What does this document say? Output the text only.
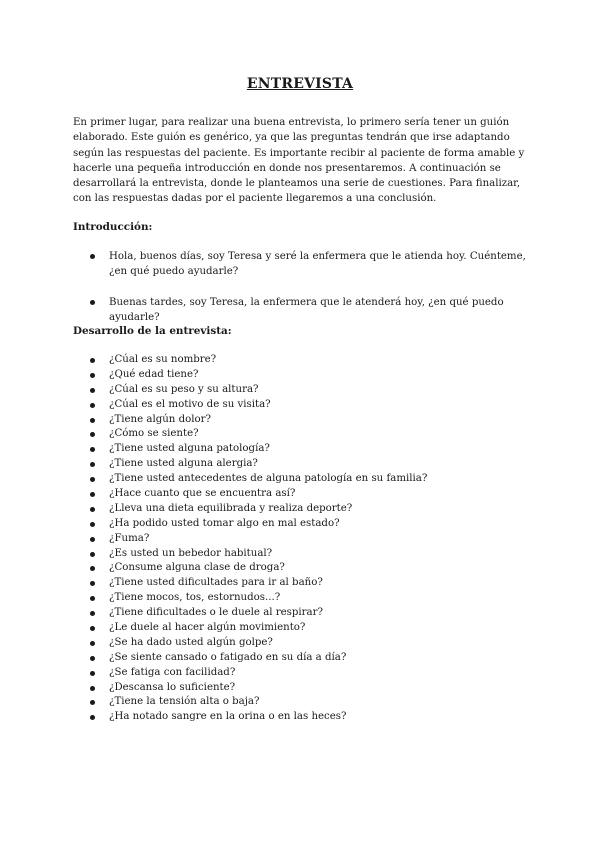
ENTREVISTA

En primer lugar, para realizar una buena entrevista, lo primero sería tener un guión elaborado. Este guión es genérico, ya que las preguntas tendrán que irse adaptando según las respuestas del paciente. Es importante recibir al paciente de forma amable y hacerle una pequeña introducción en donde nos presentaremos. A continuación se desarrollará la entrevista, donde le planteamos una serie de cuestiones. Para finalizar, con las respuestas dadas por el paciente llegaremos a una conclusión.

Introducción:

Hola, buenos días, soy Teresa y seré la enfermera que le atienda hoy. Cuénteme, ¿en qué puedo ayudarle?
Buenas tardes, soy Teresa, la enfermera que le atenderá hoy, ¿en qué puedo ayudarle?

Desarrollo de la entrevista:

¿Cúal es su nombre?
¿Qué edad tiene?
¿Cúal es su peso y su altura?
¿Cúal es el motivo de su visita?
¿Tiene algún dolor?
¿Cómo se siente?
¿Tiene usted alguna patología?
¿Tiene usted alguna alergia?
¿Tiene usted antecedentes de alguna patología en su familia?
¿Hace cuanto que se encuentra así?
¿Lleva una dieta equilibrada y realiza deporte?
¿Ha podido usted tomar algo en mal estado?
¿Fuma?
¿Es usted un bebedor habitual?
¿Consume alguna clase de droga?
¿Tiene usted dificultades para ir al baño?
¿Tiene mocos, tos, estornudos...?
¿Tiene dificultades o le duele al respirar?
¿Le duele al hacer algún movimiento?
¿Se ha dado usted algún golpe?
¿Se siente cansado o fatigado en su día a día?
¿Se fatiga con facilidad?
¿Descansa lo suficiente?
¿Tiene la tensión alta o baja?
¿Ha notado sangre en la orina o en las heces?
